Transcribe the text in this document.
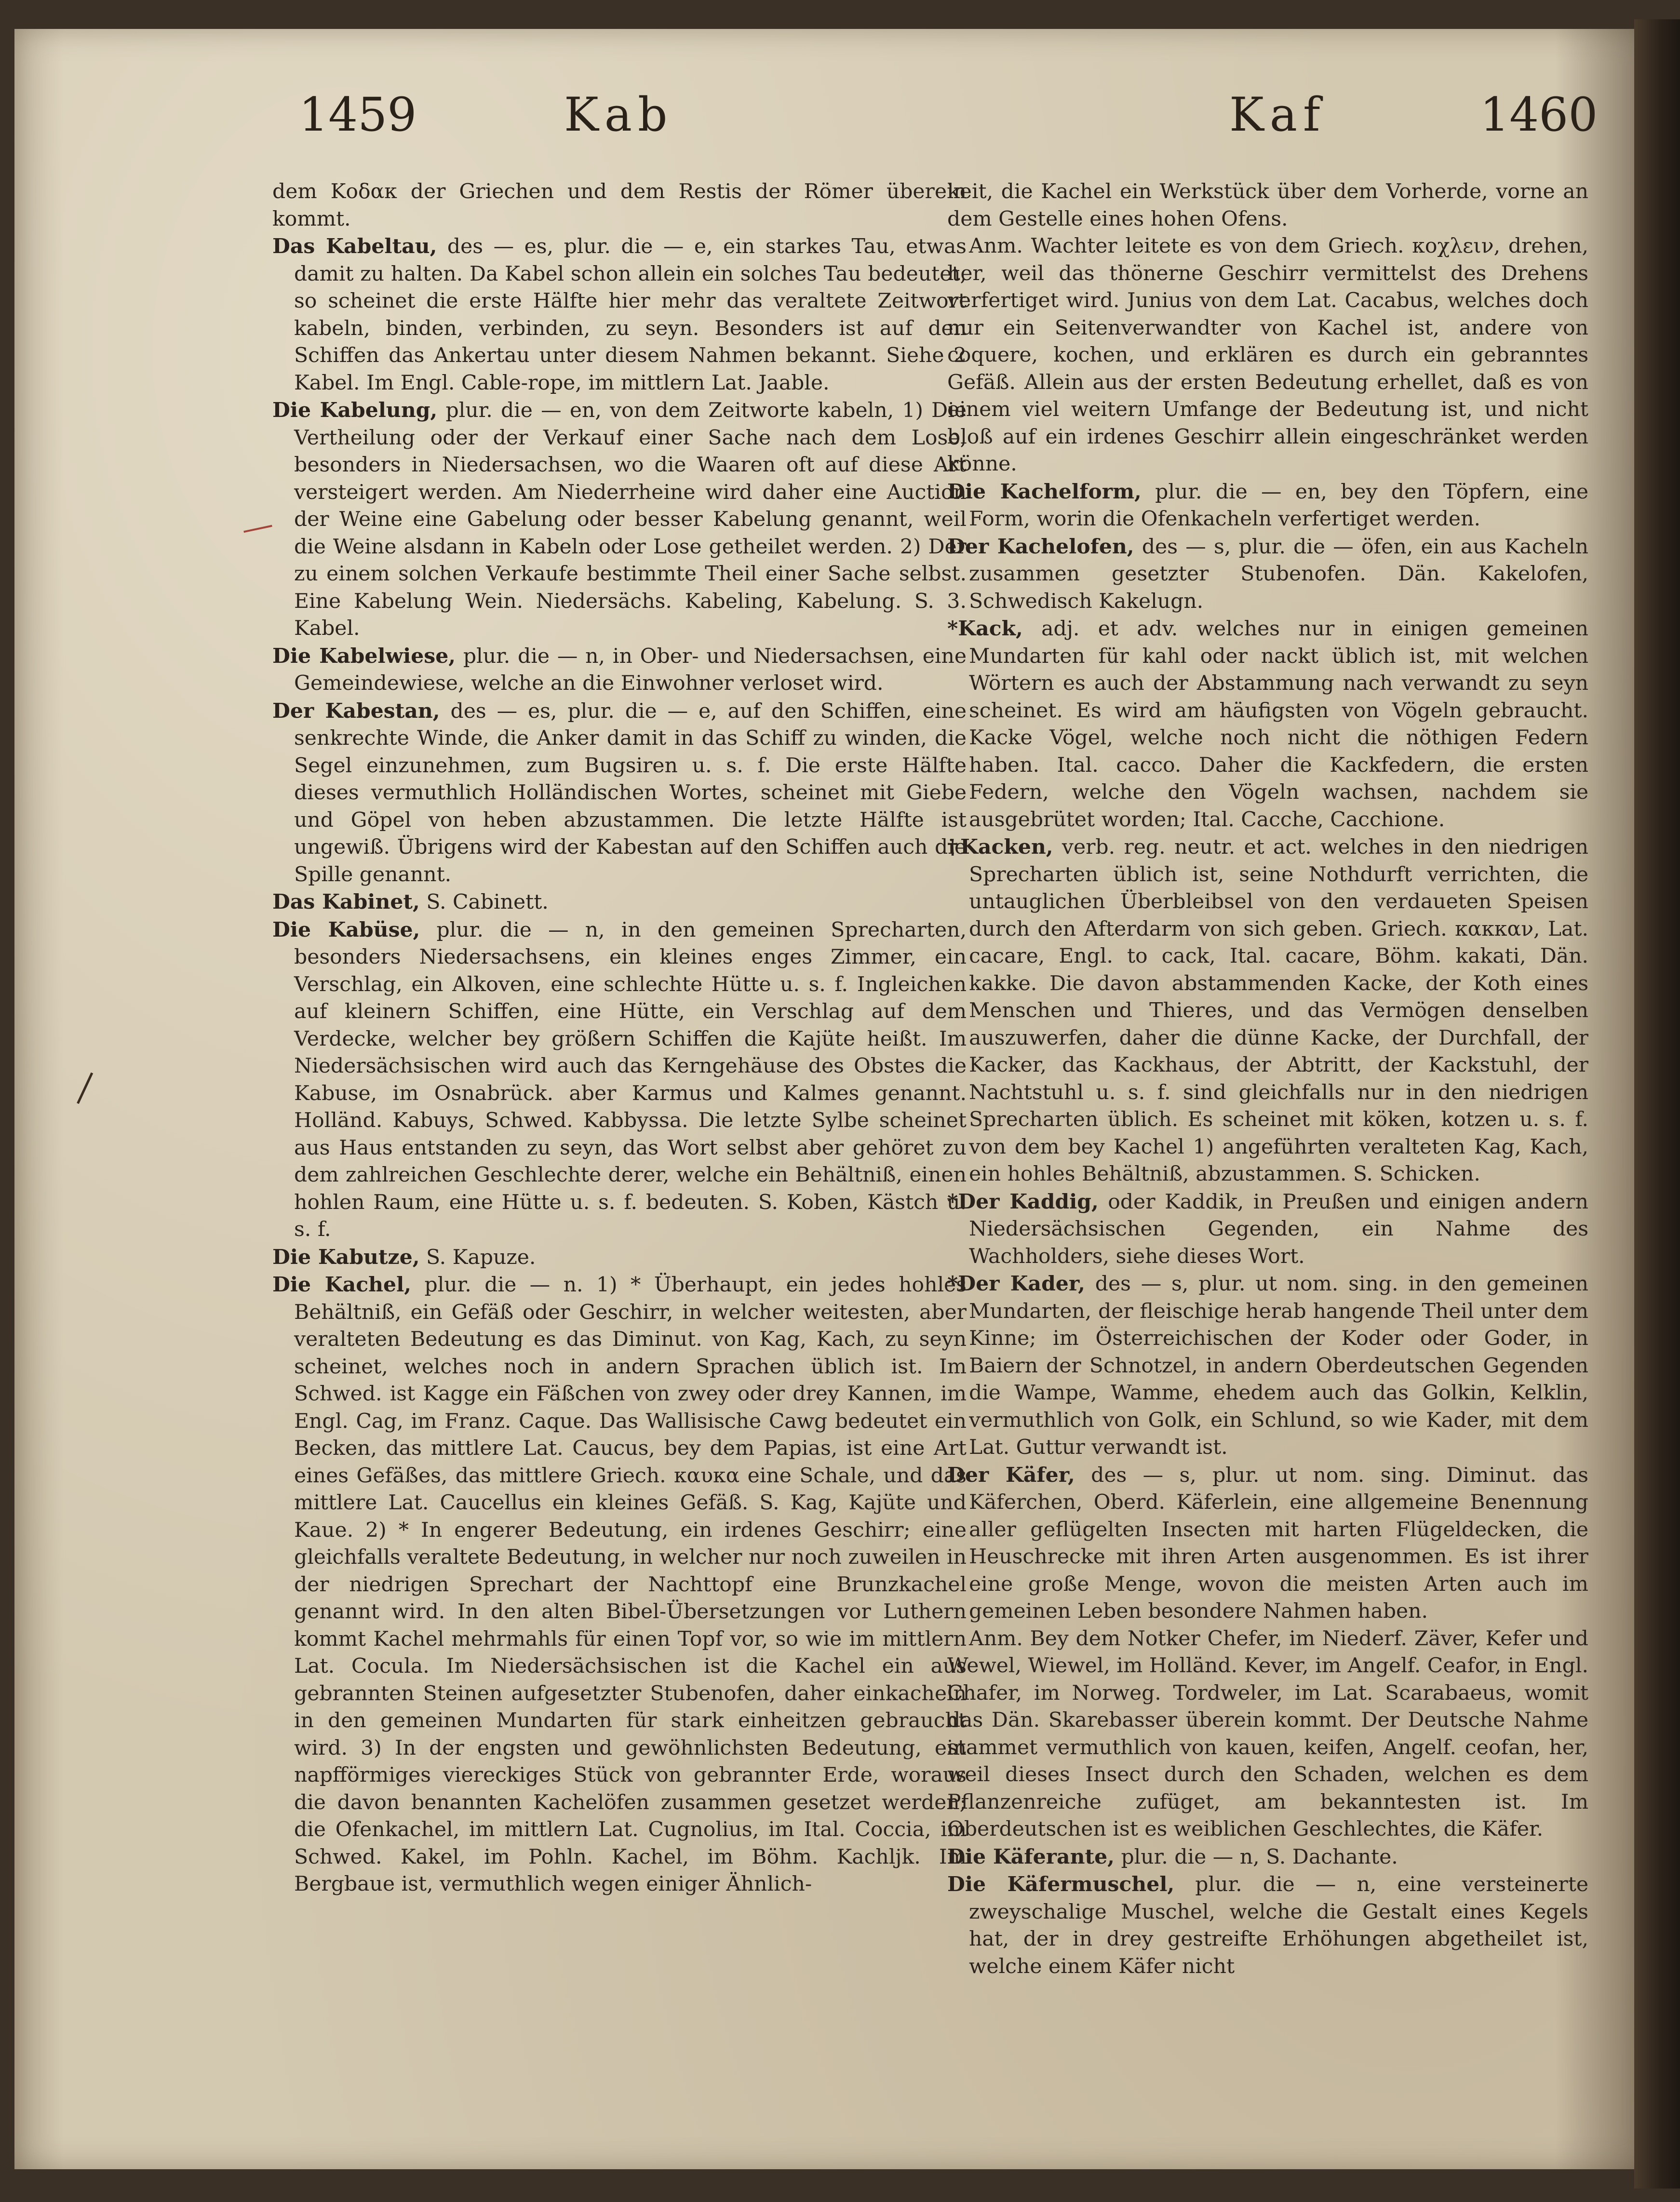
1459	Kab	Kaf	1460

dem Κοδακ der Griechen und dem Restis der Römer überein kommt.

Das Kabeltau, des — es, plur. die — e, ein starkes Tau, etwas damit zu halten. Da Kabel schon allein ein solches Tau bedeutet, so scheinet die erste Hälfte hier mehr das veraltete Zeitwort kabeln, binden, verbinden, zu seyn. Besonders ist auf den Schiffen das Ankertau unter diesem Nahmen bekannt. Siehe 2 Kabel. Im Engl. Cable-rope, im mittlern Lat. Jaable.

Die Kabelung, plur. die — en, von dem Zeitworte kabeln, 1) Die Vertheilung oder der Verkauf einer Sache nach dem Lose, besonders in Niedersachsen, wo die Waaren oft auf diese Art versteigert werden. Am Niederrheine wird daher eine Auction der Weine eine Gabelung oder besser Kabelung genannt, weil die Weine alsdann in Kabeln oder Lose getheilet werden. 2) Der zu einem solchen Verkaufe bestimmte Theil einer Sache selbst. Eine Kabelung Wein. Niedersächs. Kabeling, Kabelung. S. 3. Kabel.

Die Kabelwiese, plur. die — n, in Ober- und Niedersachsen, eine Gemeindewiese, welche an die Einwohner verloset wird.

Der Kabestan, des — es, plur. die — e, auf den Schiffen, eine senkrechte Winde, die Anker damit in das Schiff zu winden, die Segel einzunehmen, zum Bugsiren u. s. f. Die erste Hälfte dieses vermuthlich Holländischen Wortes, scheinet mit Giebe und Göpel von heben abzustammen. Die letzte Hälfte ist ungewiß. Übrigens wird der Kabestan auf den Schiffen auch die Spille genannt.

Das Kabinet, S. Cabinett.

Die Kabüse, plur. die — n, in den gemeinen Sprecharten, besonders Niedersachsens, ein kleines enges Zimmer, ein Verschlag, ein Alkoven, eine schlechte Hütte u. s. f. Ingleichen auf kleinern Schiffen, eine Hütte, ein Verschlag auf dem Verdecke, welcher bey größern Schiffen die Kajüte heißt. Im Niedersächsischen wird auch das Kerngehäuse des Obstes die Kabuse, im Osnabrück. aber Karmus und Kalmes genannt. Holländ. Kabuys, Schwed. Kabbyssa. Die letzte Sylbe scheinet aus Haus entstanden zu seyn, das Wort selbst aber gehöret zu dem zahlreichen Geschlechte derer, welche ein Behältniß, einen hohlen Raum, eine Hütte u. s. f. bedeuten. S. Koben, Kästch u. s. f.

Die Kabutze, S. Kapuze.

Die Kachel, plur. die — n. 1) * Überhaupt, ein jedes hohles Behältniß, ein Gefäß oder Geschirr, in welcher weitesten, aber veralteten Bedeutung es das Diminut. von Kag, Kach, zu seyn scheinet, welches noch in andern Sprachen üblich ist. Im Schwed. ist Kagge ein Fäßchen von zwey oder drey Kannen, im Engl. Cag, im Franz. Caque. Das Wallisische Cawg bedeutet ein Becken, das mittlere Lat. Caucus, bey dem Papias, ist eine Art eines Gefäßes, das mittlere Griech. καυκα eine Schale, und das mittlere Lat. Caucellus ein kleines Gefäß. S. Kag, Kajüte und Kaue. 2) * In engerer Bedeutung, ein irdenes Geschirr; eine gleichfalls veraltete Bedeutung, in welcher nur noch zuweilen in der niedrigen Sprechart der Nachttopf eine Brunzkachel genannt wird. In den alten Bibel-Übersetzungen vor Luthern kommt Kachel mehrmahls für einen Topf vor, so wie im mittlern Lat. Cocula. Im Niedersächsischen ist die Kachel ein aus gebrannten Steinen aufgesetzter Stubenofen, daher einkacheln in den gemeinen Mundarten für stark einheitzen gebraucht wird. 3) In der engsten und gewöhnlichsten Bedeutung, ein napfförmiges viereckiges Stück von gebrannter Erde, woraus die davon benannten Kachelöfen zusammen gesetzet werden; die Ofenkachel, im mittlern Lat. Cugnolius, im Ital. Coccia, im Schwed. Kakel, im Pohln. Kachel, im Böhm. Kachljk. Im Bergbaue ist, vermuthlich wegen einiger Ähnlich-

keit, die Kachel ein Werkstück über dem Vorherde, vorne an dem Gestelle eines hohen Ofens.

Anm. Wachter leitete es von dem Griech. κοχλειν, drehen, her, weil das thönerne Geschirr vermittelst des Drehens verfertiget wird. Junius von dem Lat. Cacabus, welches doch nur ein Seitenverwandter von Kachel ist, andere von coquere, kochen, und erklären es durch ein gebranntes Gefäß. Allein aus der ersten Bedeutung erhellet, daß es von einem viel weitern Umfange der Bedeutung ist, und nicht bloß auf ein irdenes Geschirr allein eingeschränket werden könne.

Die Kachelform, plur. die — en, bey den Töpfern, eine Form, worin die Ofenkacheln verfertiget werden.

Der Kachelofen, des — s, plur. die — öfen, ein aus Kacheln zusammen gesetzter Stubenofen. Dän. Kakelofen, Schwedisch Kakelugn.

*Kack, adj. et adv. welches nur in einigen gemeinen Mundarten für kahl oder nackt üblich ist, mit welchen Wörtern es auch der Abstammung nach verwandt zu seyn scheinet. Es wird am häufigsten von Vögeln gebraucht. Kacke Vögel, welche noch nicht die nöthigen Federn haben. Ital. cacco. Daher die Kackfedern, die ersten Federn, welche den Vögeln wachsen, nachdem sie ausgebrütet worden; Ital. Cacche, Cacchione.

†Kacken, verb. reg. neutr. et act. welches in den niedrigen Sprecharten üblich ist, seine Nothdurft verrichten, die untauglichen Überbleibsel von den verdaueten Speisen durch den Afterdarm von sich geben. Griech. κακκαν, Lat. cacare, Engl. to cack, Ital. cacare, Böhm. kakati, Dän. kakke. Die davon abstammenden Kacke, der Koth eines Menschen und Thieres, und das Vermögen denselben auszuwerfen, daher die dünne Kacke, der Durchfall, der Kacker, das Kackhaus, der Abtritt, der Kackstuhl, der Nachtstuhl u. s. f. sind gleichfalls nur in den niedrigen Sprecharten üblich. Es scheinet mit köken, kotzen u. s. f. von dem bey Kachel 1) angeführten veralteten Kag, Kach, ein hohles Behältniß, abzustammen. S. Schicken.

*Der Kaddig, oder Kaddik, in Preußen und einigen andern Niedersächsischen Gegenden, ein Nahme des Wachholders, siehe dieses Wort.

*Der Kader, des — s, plur. ut nom. sing. in den gemeinen Mundarten, der fleischige herab hangende Theil unter dem Kinne; im Österreichischen der Koder oder Goder, in Baiern der Schnotzel, in andern Oberdeutschen Gegenden die Wampe, Wamme, ehedem auch das Golkin, Kelklin, vermuthlich von Golk, ein Schlund, so wie Kader, mit dem Lat. Guttur verwandt ist.

Der Käfer, des — s, plur. ut nom. sing. Diminut. das Käferchen, Oberd. Käferlein, eine allgemeine Benennung aller geflügelten Insecten mit harten Flügeldecken, die Heuschrecke mit ihren Arten ausgenommen. Es ist ihrer eine große Menge, wovon die meisten Arten auch im gemeinen Leben besondere Nahmen haben.

Anm. Bey dem Notker Chefer, im Niederf. Zäver, Kefer und Wewel, Wiewel, im Holländ. Kever, im Angelf. Ceafor, in Engl. Chafer, im Norweg. Tordweler, im Lat. Scarabaeus, womit das Dän. Skarebasser überein kommt. Der Deutsche Nahme stammet vermuthlich von kauen, keifen, Angelf. ceofan, her, weil dieses Insect durch den Schaden, welchen es dem Pflanzenreiche zufüget, am bekanntesten ist. Im Oberdeutschen ist es weiblichen Geschlechtes, die Käfer.

Die Käferante, plur. die — n, S. Dachante.

Die Käfermuschel, plur. die — n, eine versteinerte zweyschalige Muschel, welche die Gestalt eines Kegels hat, der in drey gestreifte Erhöhungen abgetheilet ist, welche einem Käfer nicht
